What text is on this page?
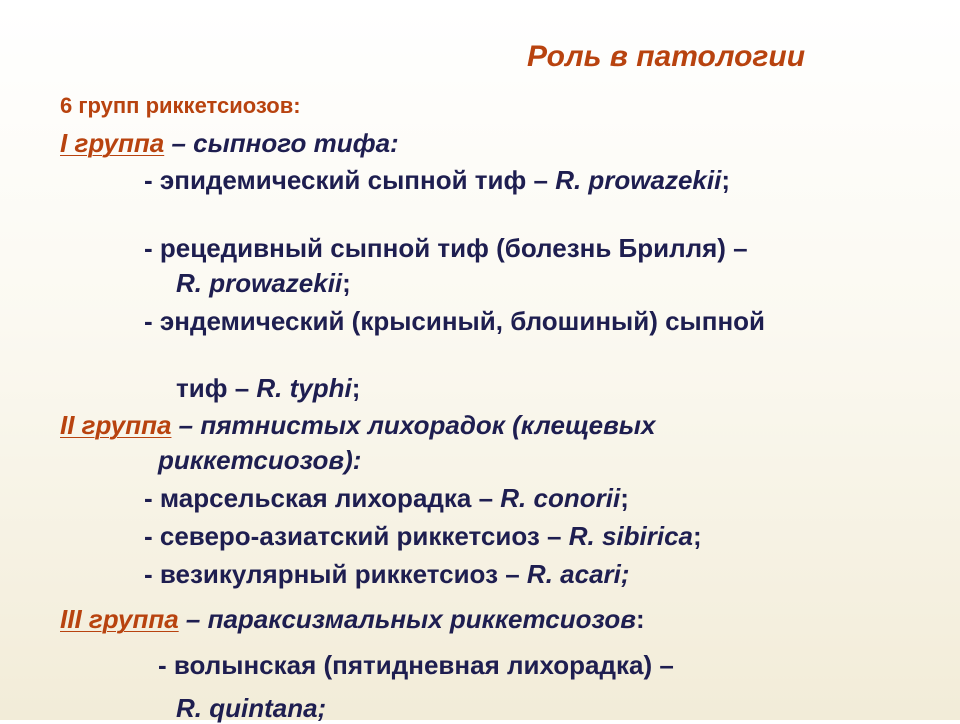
Роль в патологии
6 групп риккетсиозов:
I группа – сыпного тифа:
- эпидемический сыпной тиф – R. prowazekii;
- рецедивный сыпной тиф (болезнь Брилля) –
R. prowazekii;
- эндемический (крысиный, блошиный) сыпной
тиф – R. typhi;
II группа – пятнистых лихорадок (клещевых
риккетсиозов):
- марсельская лихорадка – R. conorii;
- северо-азиатский риккетсиоз – R. sibirica;
- везикулярный риккетсиоз – R. acari;
III группа – параксизмальных риккетсиозов:
- волынская (пятидневная лихорадка) –
R. quintana;
